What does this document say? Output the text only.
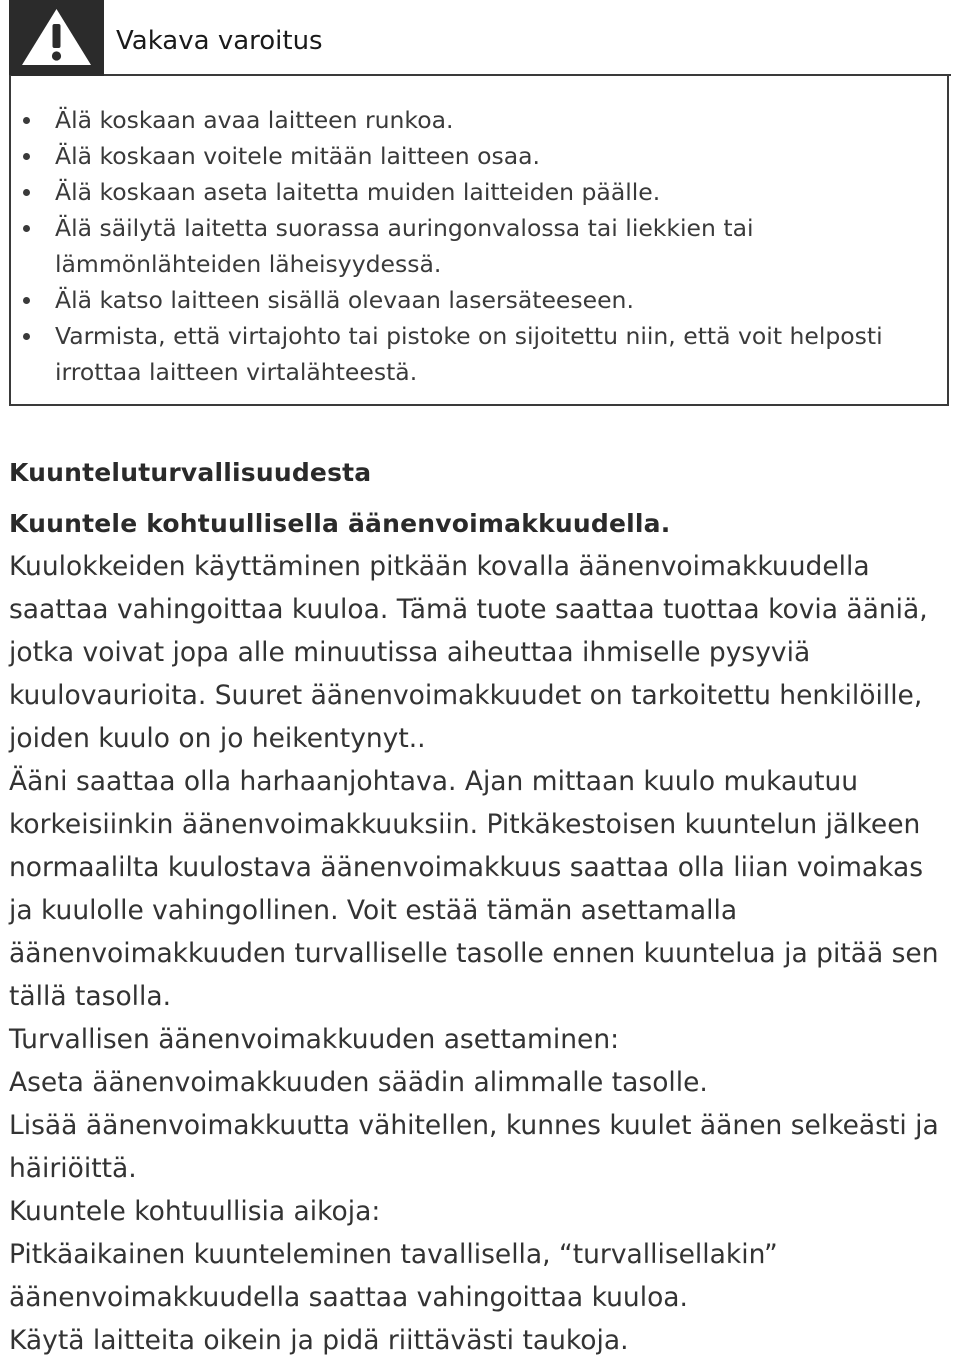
Vakava varoitus
Älä koskaan avaa laitteen runkoa.
Älä koskaan voitele mitään laitteen osaa.
Älä koskaan aseta laitetta muiden laitteiden päälle.
Älä säilytä laitetta suorassa auringonvalossa tai liekkien tai lämmönlähteiden läheisyydessä.
Älä katso laitteen sisällä olevaan lasersäteeseen.
Varmista, että virtajohto tai pistoke on sijoitettu niin, että voit helposti irrottaa laitteen virtalähteestä.
Kuunteluturvallisuudesta
Kuuntele kohtuullisella äänenvoimakkuudella.

Kuulokkeiden käyttäminen pitkään kovalla äänenvoimakkuudella saattaa vahingoittaa kuuloa. Tämä tuote saattaa tuottaa kovia ääniä, jotka voivat jopa alle minuutissa aiheuttaa ihmiselle pysyviä kuulovaurioita. Suuret äänenvoimakkuudet on tarkoitettu henkilöille, joiden kuulo on jo heikentynyt..

Ääni saattaa olla harhaanjohtava. Ajan mittaan kuulo mukautuu korkeisiinkin äänenvoimakkuuksiin. Pitkäkestoisen kuuntelun jälkeen normaalilta kuulostava äänenvoimakkuus saattaa olla liian voimakas ja kuulolle vahingollinen. Voit estää tämän asettamalla äänenvoimakkuuden turvalliselle tasolle ennen kuuntelua ja pitää sen tällä tasolla.

Turvallisen äänenvoimakkuuden asettaminen:

Aseta äänenvoimakkuuden säädin alimmalle tasolle.

Lisää äänenvoimakkuutta vähitellen, kunnes kuulet äänen selkeästi ja häiriöittä.

Kuuntele kohtuullisia aikoja:

Pitkäaikainen kuunteleminen tavallisella, “turvallisellakin” äänenvoimakkuudella saattaa vahingoittaa kuuloa.

Käytä laitteita oikein ja pidä riittävästi taukoja.
